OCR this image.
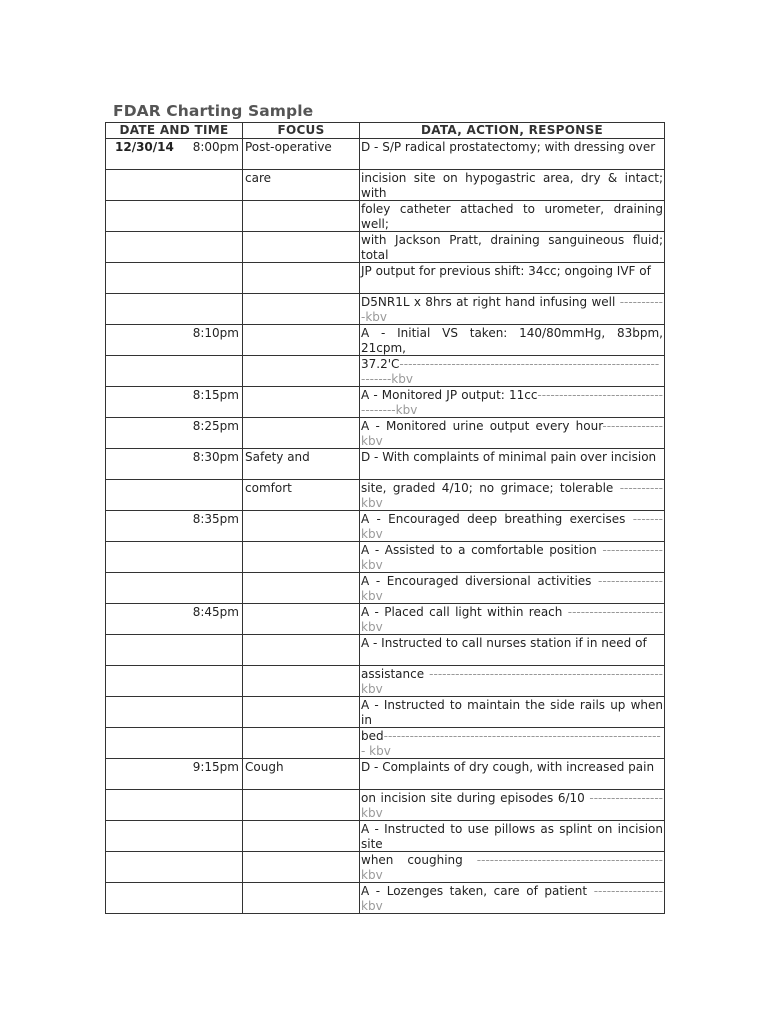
FDAR Charting Sample
DATE AND TIME	FOCUS	DATA, ACTION, RESPONSE

12/30/14 8:00pm	Post-operative	D - S/P radical prostatectomy; with dressing over

	care	incision site on hypogastric area, dry & intact; with

		foley catheter attached to urometer, draining well;

		with Jackson Pratt, draining sanguineous fluid; total

		JP output for previous shift: 34cc; ongoing IVF of

		D5NR1L x 8hrs at right hand infusing well -----------kbv

8:10pm		A - Initial VS taken: 140/80mmHg, 83bpm, 21cpm,

		37.2'C-------------------------------------------------------------------kbv

8:15pm		A - Monitored JP output: 11cc-------------------------------------kbv

8:25pm		A - Monitored urine output every hour--------------kbv

8:30pm	Safety and	D - With complaints of minimal pain over incision

	comfort	site, graded 4/10; no grimace; tolerable ----------kbv

8:35pm		A - Encouraged deep breathing exercises ------- kbv

		A - Assisted to a comfortable position -------------- kbv

		A - Encouraged diversional activities --------------- kbv

8:45pm		A - Placed call light within reach ---------------------- kbv

		A - Instructed to call nurses station if in need of

		assistance ------------------------------------------------------ kbv

		A - Instructed to maintain the side rails up when in

		bed----------------------------------------------------------------- kbv

9:15pm	Cough	D - Complaints of dry cough, with increased pain

		on incision site during episodes 6/10 ----------------- kbv

		A - Instructed to use pillows as splint on incision site

		when coughing ------------------------------------------- kbv

		A - Lozenges taken, care of patient ---------------- kbv
